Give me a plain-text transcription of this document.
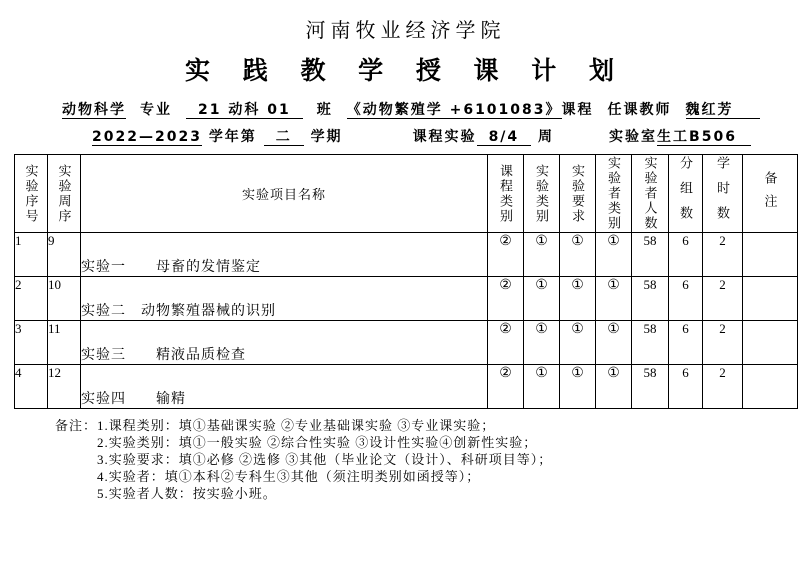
河南牧业经济学院
实 践 教 学 授 课 计 划
动物科学 专业 21 动科 01 班 《动物繁殖学 +6101083》课程 任课教师 魏红芳
2022—2023 学年第 二 学期	课程实验 8/4 周	实验室生工B506
实验序号	实验周序	实验项目名称	课程类别	实验类别	实验要求	实验者类别	实验者人数	分组数	学时数	备注

1	9	实验一　　母畜的发情鉴定	②	①	①	①	58	6	2	
2	10	实验二　动物繁殖器械的识别	②	①	①	①	58	6	2	
3	11	实验三　　精液品质检查	②	①	①	①	58	6	2	
4	12	实验四　　输精	②	①	①	①	58	6	2	
备注： 1.课程类别：填①基础课实验 ②专业基础课实验 ③专业课实验；
2.实验类别：填①一般实验 ②综合性实验 ③设计性实验④创新性实验；
3.实验要求：填①必修 ②选修 ③其他（毕业论文（设计）、科研项目等）；
4.实验者：填①本科②专科生③其他（须注明类别如函授等）；
5.实验者人数：按实验小班。
